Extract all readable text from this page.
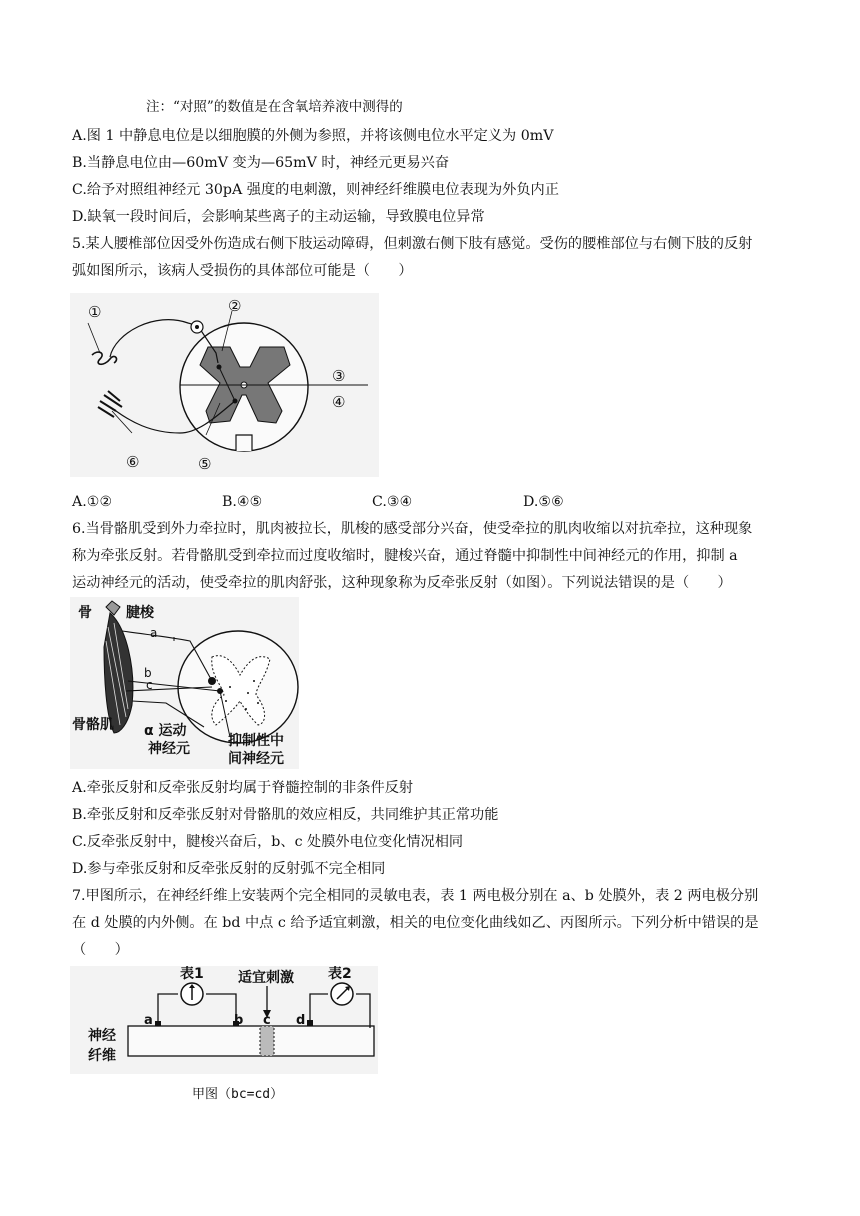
注：“对照”的数值是在含氧培养液中测得的
A.图 1 中静息电位是以细胞膜的外侧为参照，并将该侧电位水平定义为 0mV
B.当静息电位由—60mV 变为—65mV 时，神经元更易兴奋
C.给予对照组神经元 30pA 强度的电刺激，则神经纤维膜电位表现为外负内正
D.缺氧一段时间后，会影响某些离子的主动运输，导致膜电位异常
5.某人腰椎部位因受外伤造成右侧下肢运动障碍，但刺激右侧下肢有感觉。受伤的腰椎部位与右侧下肢的反射
弧如图所示，该病人受损伤的具体部位可能是（　　）
①	②
③
④
⑤
⑥
A.①②	B.④⑤	C.③④	D.⑤⑥
6.当骨骼肌受到外力牵拉时，肌肉被拉长，肌梭的感受部分兴奋，使受牵拉的肌肉收缩以对抗牵拉，这种现象
称为牵张反射。若骨骼肌受到牵拉而过度收缩时，腱梭兴奋，通过脊髓中抑制性中间神经元的作用，抑制 a
运动神经元的活动，使受牵拉的肌肉舒张，这种现象称为反牵张反射（如图）。下列说法错误的是（　　）
骨 腱梭
a
b
c
骨骼肌 α 运动
神经元	抑制性中
间神经元
A.牵张反射和反牵张反射均属于脊髓控制的非条件反射
B.牵张反射和反牵张反射对骨骼肌的效应相反，共同维护其正常功能
C.反牵张反射中，腱梭兴奋后，b、c 处膜外电位变化情况相同
D.参与牵张反射和反牵张反射的反射弧不完全相同
7.甲图所示，在神经纤维上安装两个完全相同的灵敏电表，表 1 两电极分别在 a、b 处膜外，表 2 两电极分别
在 d 处膜的内外侧。在 bd 中点 c 给予适宜刺激，相关的电位变化曲线如乙、丙图所示。下列分析中错误的是
（　　）
表1 适宜刺激 表2
神经
纤维
a	b c d
甲图（bc=cd）
